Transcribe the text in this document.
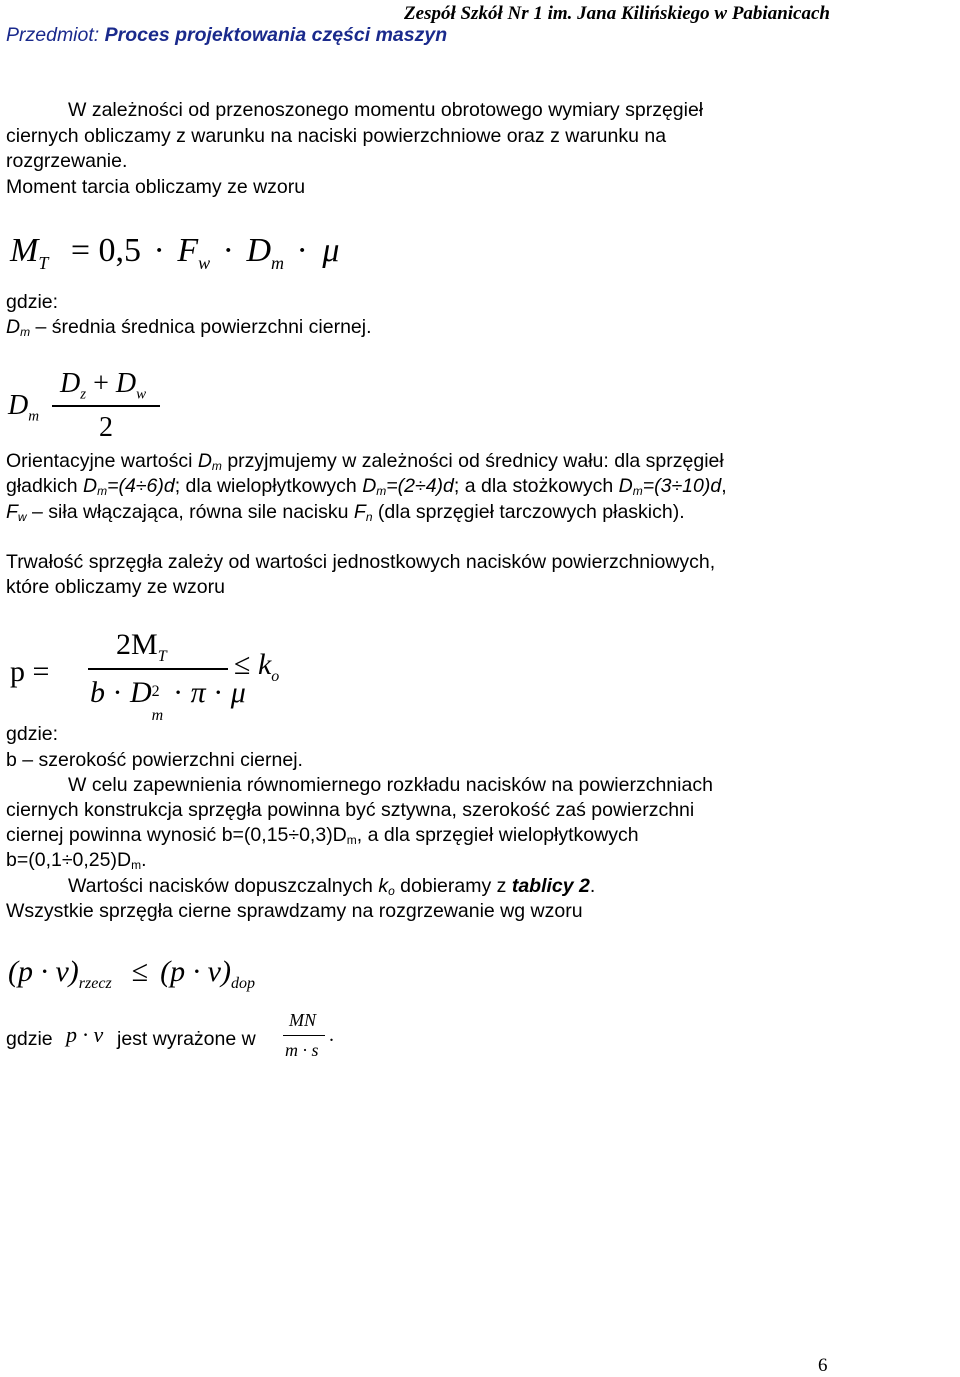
Zespół Szkół Nr 1 im. Jana Kilińskiego w Pabianicach
Przedmiot: Proces projektowania części maszyn
W zależności od przenoszonego momentu obrotowego wymiary sprzęgieł
ciernych obliczamy z warunku na naciski powierzchniowe oraz z warunku na
rozgrzewanie.
Moment tarcia obliczamy ze wzoru
$M_T = 0,5 \cdot F_w \cdot D_m \cdot \mu$
gdzie:
$D_m$ – średnia średnica powierzchni ciernej.
$D_m$
$D_z + D_w$
2
Orientacyjne wartości $D_m$ przyjmujemy w zależności od średnicy wału: dla sprzęgieł
gładkich $D_m=(4\div 6)d$; dla wielopłytkowych $D_m=(2\div 4)d$; a dla stożkowych $D_m=(3\div 10)d$,
$F_w$ – siła włączająca, równa sile nacisku $F_n$ (dla sprzęgieł tarczowych płaskich).
Trwałość sprzęgła zależy od wartości jednostkowych nacisków powierzchniowych,
które obliczamy ze wzoru
p =
$2M_T$
b · D 2
m
· π · μ
≤ $k_o$
gdzie:
b – szerokość powierzchni ciernej.
W celu zapewnienia równomiernego rozkładu nacisków na powierzchniach
ciernych konstrukcja sprzęgła powinna być sztywna, szerokość zaś powierzchni
ciernej powinna wynosić $b=(0,15\div 0,3)D_m$, a dla sprzęgieł wielopłytkowych
$b=(0,1\div 0,25)D_m$.
Wartości nacisków dopuszczalnych $k_o$ dobieramy z tablicy 2.
Wszystkie sprzęgła cierne sprawdzamy na rozgrzewanie wg wzoru
$(p \cdot v)_{rzecz} \le (p \cdot v)_{dop}$
gdzie p · v jest wyrażone w
MN
m · s
.
6
